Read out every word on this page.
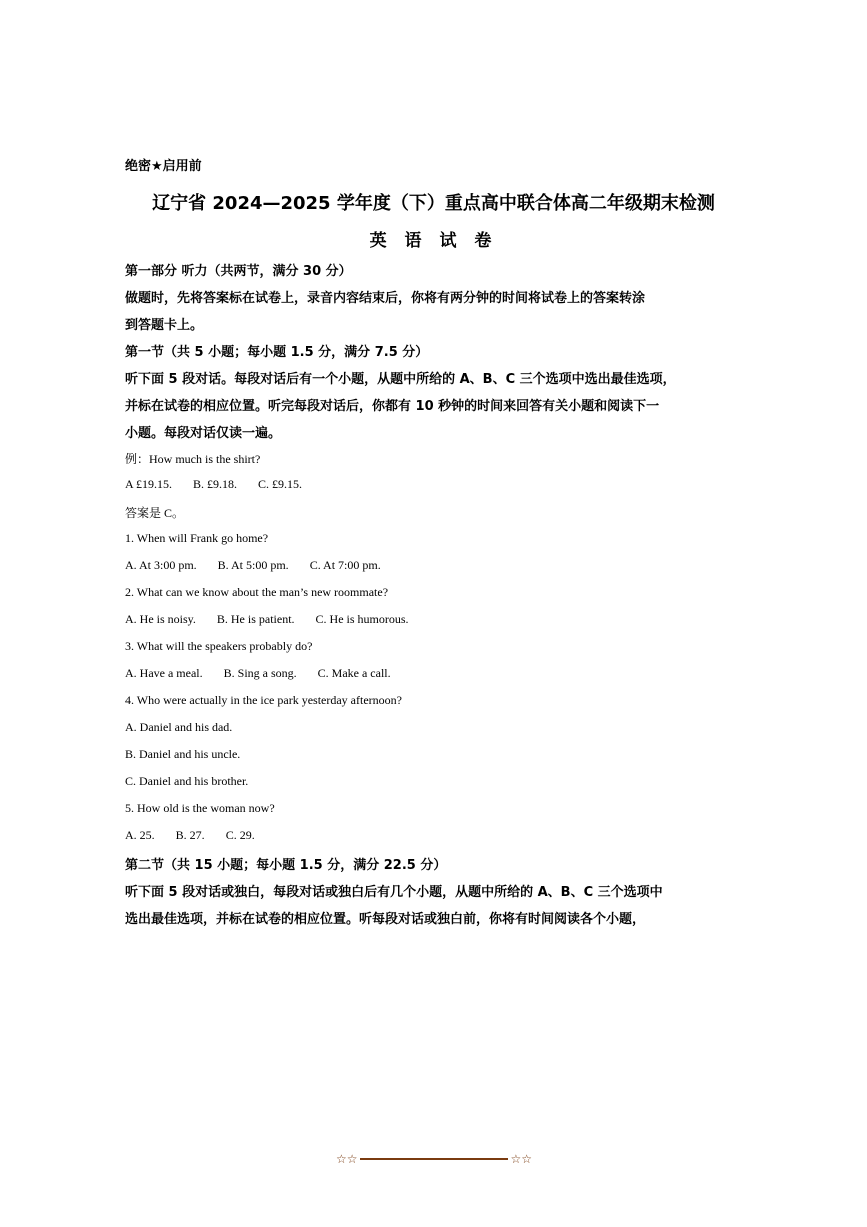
绝密★启用前
辽宁省 2024—2025 学年度（下）重点高中联合体高二年级期末检测
英 语 试 卷
第一部分 听力（共两节，满分 30 分）
做题时，先将答案标在试卷上，录音内容结束后，你将有两分钟的时间将试卷上的答案转涂
到答题卡上。
第一节（共 5 小题；每小题 1.5 分，满分 7.5 分）
听下面 5 段对话。每段对话后有一个小题，从题中所给的 A、B、C 三个选项中选出最佳选项，
并标在试卷的相应位置。听完每段对话后，你都有 10 秒钟的时间来回答有关小题和阅读下一
小题。每段对话仅读一遍。
例：How much is the shirt?
A £19.15. B. £9.18. C. £9.15.
答案是 C。
1. When will Frank go home?
A. At 3:00 pm. B. At 5:00 pm. C. At 7:00 pm.
2. What can we know about the man’s new roommate?
A. He is noisy. B. He is patient. C. He is humorous.
3. What will the speakers probably do?
A. Have a meal. B. Sing a song. C. Make a call.
4. Who were actually in the ice park yesterday afternoon?
A. Daniel and his dad.
B. Daniel and his uncle.
C. Daniel and his brother.
5. How old is the woman now?
A. 25. B. 27. C. 29.
第二节（共 15 小题；每小题 1.5 分，满分 22.5 分）
听下面 5 段对话或独白，每段对话或独白后有几个小题，从题中所给的 A、B、C 三个选项中
选出最佳选项，并标在试卷的相应位置。听每段对话或独白前，你将有时间阅读各个小题，
☆☆	☆☆
